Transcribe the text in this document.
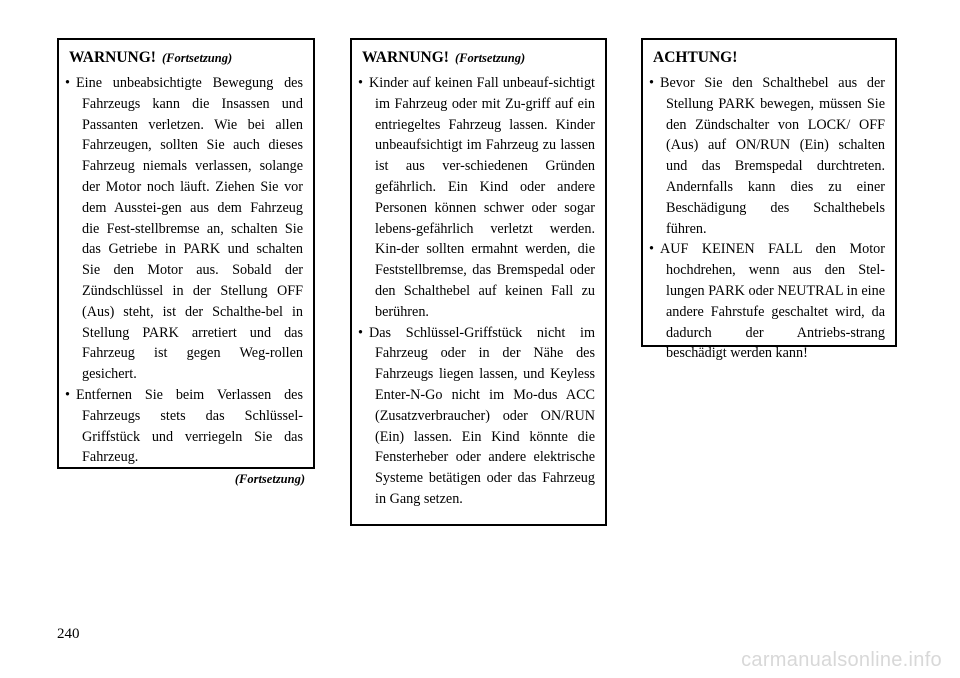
WARNUNG! (Fortsetzung)
• Eine unbeabsichtigte Bewegung des Fahrzeugs kann die Insassen und Passanten verletzen. Wie bei allen Fahrzeugen, sollten Sie auch dieses Fahrzeug niemals verlassen, solange der Motor noch läuft. Ziehen Sie vor dem Ausstei-gen aus dem Fahrzeug die Fest-stellbremse an, schalten Sie das Getriebe in PARK und schalten Sie den Motor aus. Sobald der Zündschlüssel in der Stellung OFF (Aus) steht, ist der Schalthe-bel in Stellung PARK arretiert und das Fahrzeug ist gegen Weg-rollen gesichert.
• Entfernen Sie beim Verlassen des Fahrzeugs stets das Schlüssel-Griffstück und verriegeln Sie das Fahrzeug.
(Fortsetzung)
WARNUNG! (Fortsetzung)
• Kinder auf keinen Fall unbeauf-sichtigt im Fahrzeug oder mit Zu-griff auf ein entriegeltes Fahrzeug lassen. Kinder unbeaufsichtigt im Fahrzeug zu lassen ist aus ver-schiedenen Gründen gefährlich. Ein Kind oder andere Personen können schwer oder sogar lebens-gefährlich verletzt werden. Kin-der sollten ermahnt werden, die Feststellbremse, das Bremspedal oder den Schalthebel auf keinen Fall zu berühren.
• Das Schlüssel-Griffstück nicht im Fahrzeug oder in der Nähe des Fahrzeugs liegen lassen, und Keyless Enter-N-Go nicht im Mo-dus ACC (Zusatzverbraucher) oder ON/RUN (Ein) lassen. Ein Kind könnte die Fensterheber oder andere elektrische Systeme betätigen oder das Fahrzeug in Gang setzen.
ACHTUNG!
• Bevor Sie den Schalthebel aus der Stellung PARK bewegen, müssen Sie den Zündschalter von LOCK/ OFF (Aus) auf ON/RUN (Ein) schalten und das Bremspedal durchtreten. Andernfalls kann dies zu einer Beschädigung des Schalthebels führen.
• AUF KEINEN FALL den Motor hochdrehen, wenn aus den Stel-lungen PARK oder NEUTRAL in eine andere Fahrstufe geschaltet wird, da dadurch der Antriebs-strang beschädigt werden kann!
240
carmanualsonline.info
